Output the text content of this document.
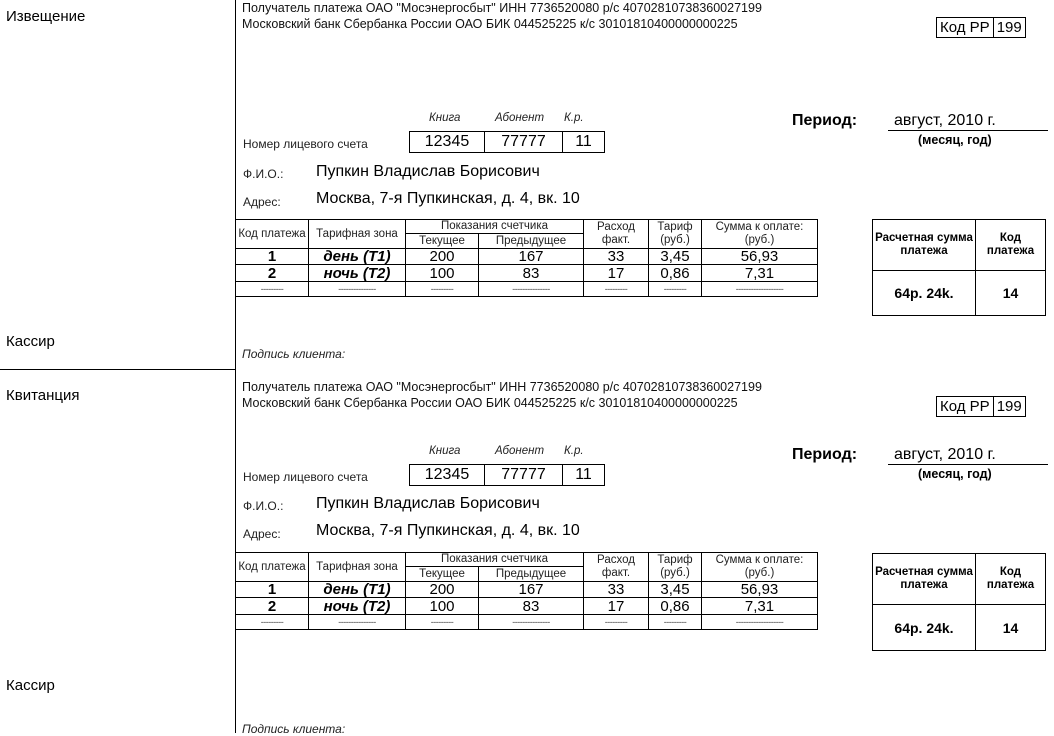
Извещение	Получатель платежа ОАО "Мосэнергосбыт" ИНН 7736520080 р/с 40702810738360027199
Московский банк Сбербанка России ОАО БИК 044525225 к/с 30101810400000000225	Код РР 199
Книга	Абонент К.р.
Номер лицевого счета	12345	77777	11
Период:	август, 2010 г.
(месяц, год)
Ф.И.О.: Пупкин Владислав Борисович
Адрес: Москва, 7-я Пупкинская, д. 4, вк. 10
Код платежа	Тарифная зона	Показания счетчика		Расход факт.	Тариф (руб.)	Сумма к оплате: (руб.)
		Текущее	Предыдущее			
1	день (Т1)	200	167	33	3,45	56,93
2	ночь (Т2)	100	83	17	0,86	7,31
---------	---------------	---------	---------------	---------	---------	-------------------
Расчетная сумма платежа	Код платежа
64р. 24k.	14
Кассир
Подпись клиента:
Квитанция	Получатель платежа ОАО "Мосэнергосбыт" ИНН 7736520080 р/с 40702810738360027199
Московский банк Сбербанка России ОАО БИК 044525225 к/с 30101810400000000225	Код РР 199
Книга	Абонент К.р.
Номер лицевого счета	12345	77777	11
Период:	август, 2010 г.
(месяц, год)
Ф.И.О.: Пупкин Владислав Борисович
Адрес: Москва, 7-я Пупкинская, д. 4, вк. 10
Код платежа	Тарифная зона	Показания счетчика		Расход факт.	Тариф (руб.)	Сумма к оплате: (руб.)
		Текущее	Предыдущее			
1	день (Т1)	200	167	33	3,45	56,93
2	ночь (Т2)	100	83	17	0,86	7,31
---------	---------------	---------	---------------	---------	---------	-------------------
Расчетная сумма платежа	Код платежа
64р. 24k.	14
Кассир
Подпись клиента:
